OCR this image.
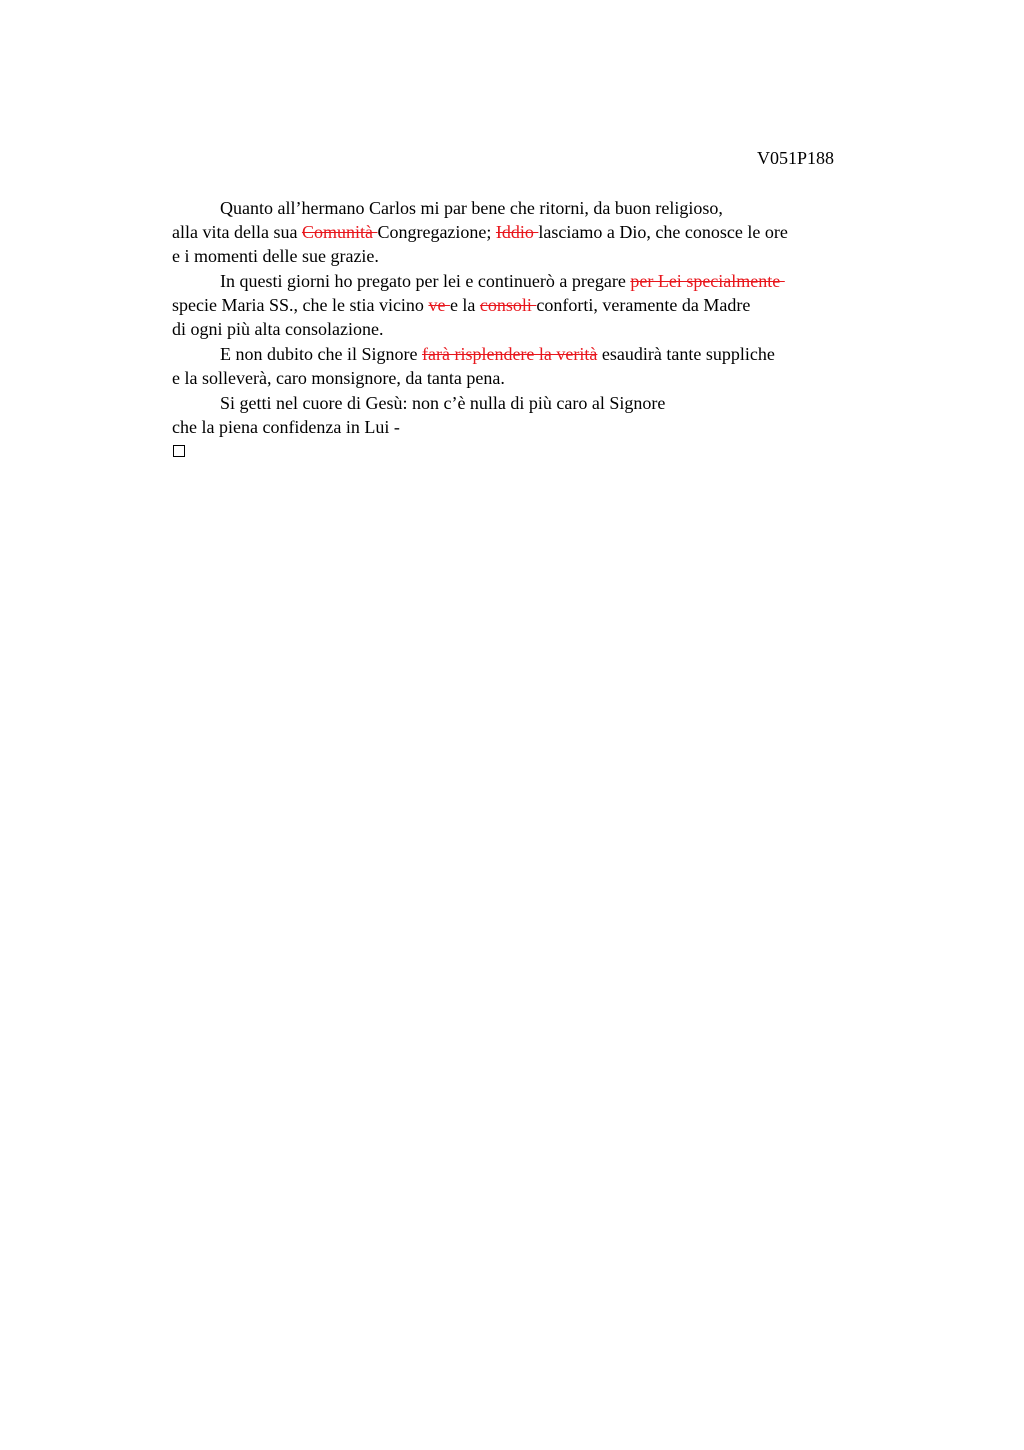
V051P188
Quanto all’hermano Carlos mi par bene che ritorni, da buon religioso,
alla vita della sua Comunità Congregazione; Iddio lasciamo a Dio, che conosce le ore
e i momenti delle sue grazie.
In questi giorni ho pregato per lei e continuerò a pregare per Lei specialmente
specie Maria SS., che le stia vicino ve e la consoli conforti, veramente da Madre
di ogni più alta consolazione.
E non dubito che il Signore farà risplendere la verità esaudirà tante suppliche
e la solleverà, caro monsignore, da tanta pena.
Si getti nel cuore di Gesù: non c’è nulla di più caro al Signore
che la piena confidenza in Lui -
